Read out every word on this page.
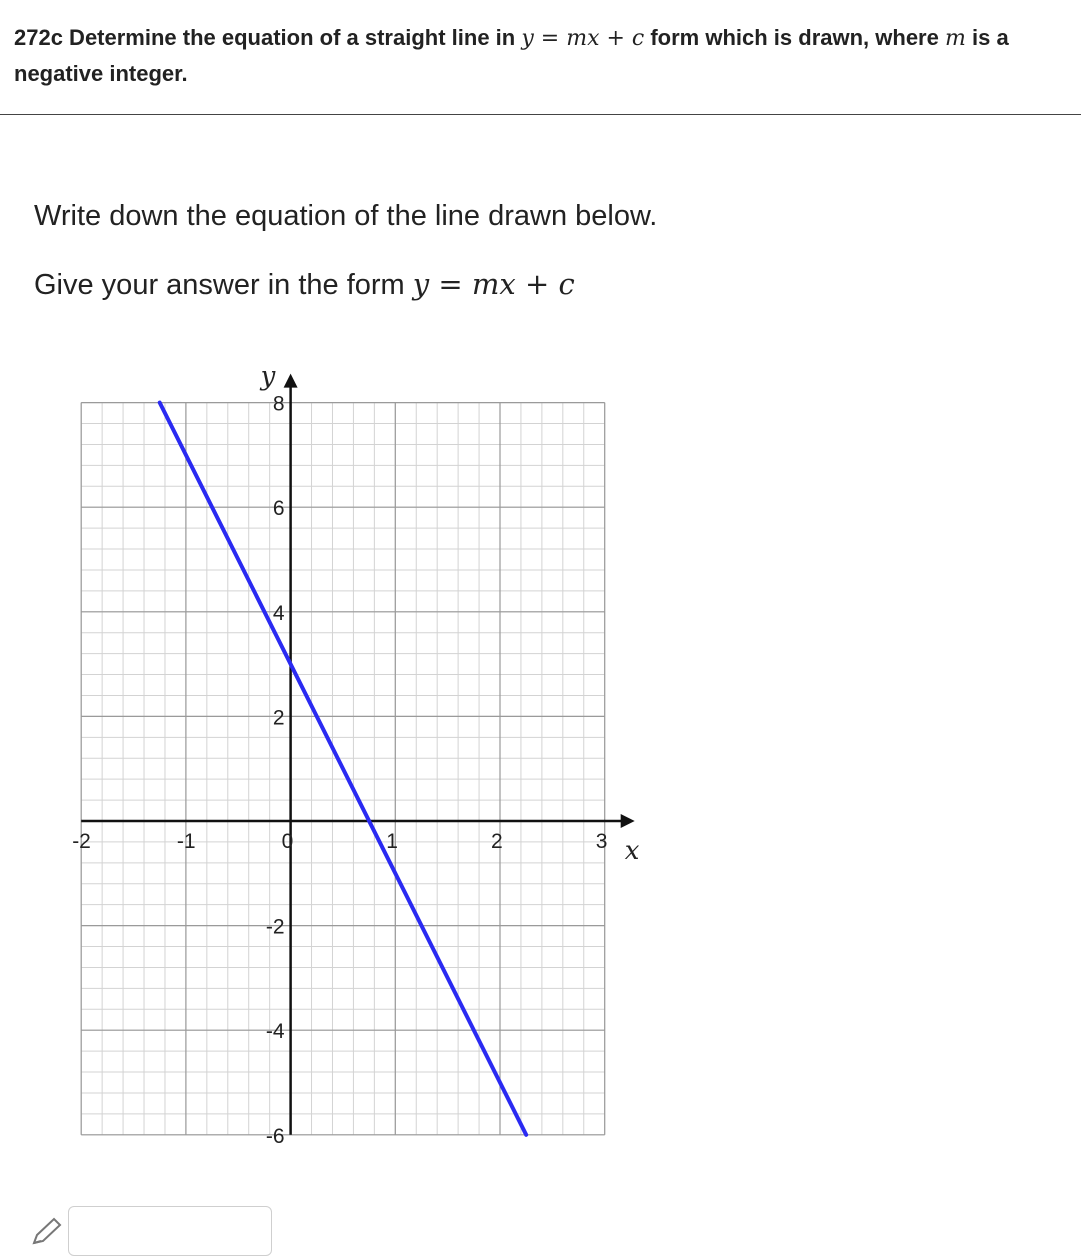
272c Determine the equation of a straight line in y = mx + c form which is drawn, where m is a negative integer.
Write down the equation of the line drawn below.
Give your answer in the form y = mx + c
-2	-1	0	1	2	3
-6
-4
-2
2
4
6
8
x
y
